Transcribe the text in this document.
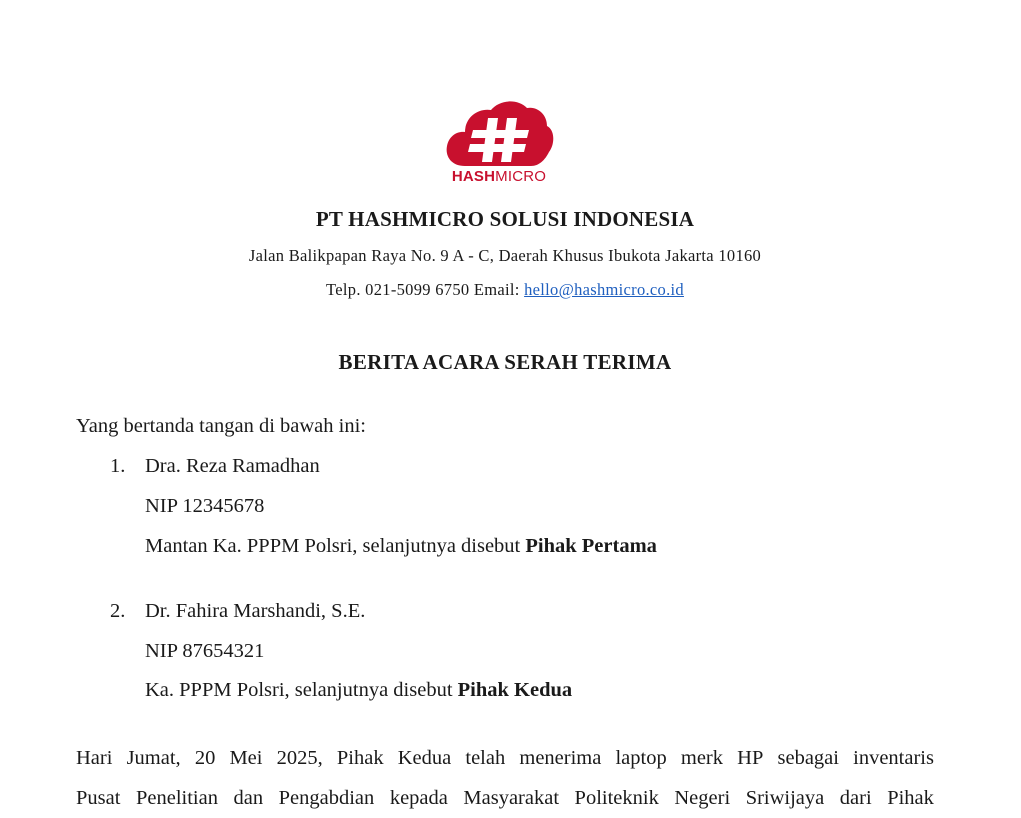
HASHMICRO
PT HASHMICRO SOLUSI INDONESIA
Jalan Balikpapan Raya No. 9 A - C, Daerah Khusus Ibukota Jakarta 10160
Telp. 021-5099 6750 Email: hello@hashmicro.co.id
BERITA ACARA SERAH TERIMA
Yang bertanda tangan di bawah ini:
1. Dra. Reza Ramadhan
NIP 12345678
Mantan Ka. PPPM Polsri, selanjutnya disebut Pihak Pertama
2. Dr. Fahira Marshandi, S.E.
NIP 87654321
Ka. PPPM Polsri, selanjutnya disebut Pihak Kedua
Hari Jumat, 20 Mei 2025, Pihak Kedua telah menerima laptop merk HP sebagai inventaris
Pusat Penelitian dan Pengabdian kepada Masyarakat Politeknik Negeri Sriwijaya dari Pihak
